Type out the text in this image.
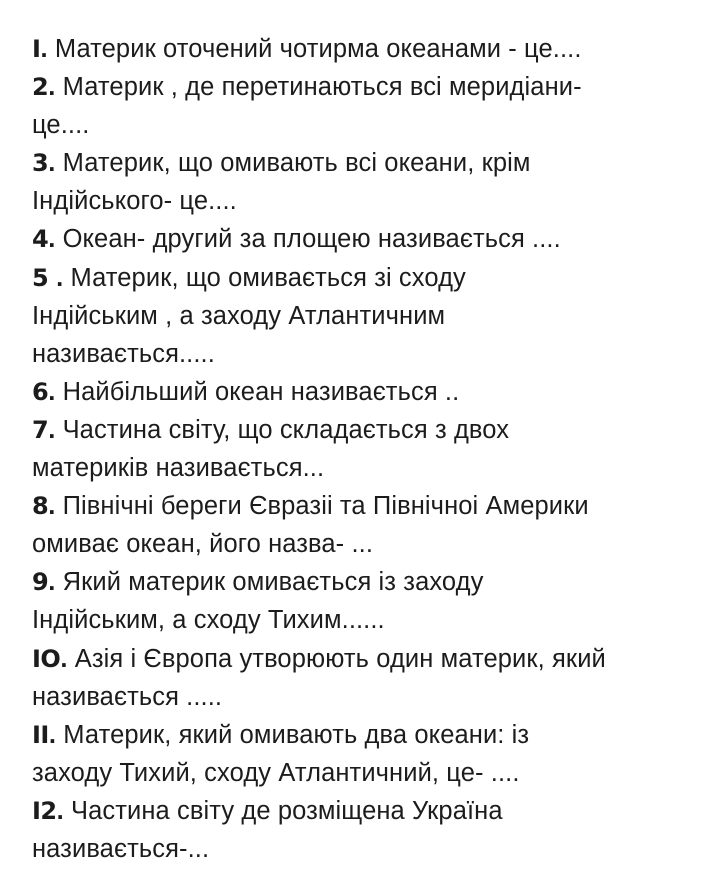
I. Материк оточений чотирма океанами - це....
2. Материк , де перетинаються всі меридіани-
це....
3. Материк, що омивають всі океани, крім
Індійського- це....
4. Океан- другий за площею називається ....
5 . Материк, що омивається зі сходу
Індійським , а заходу Атлантичним
називається.....
6. Найбільший океан називається ..
7. Частина світу, що складається з двох
материків називається...
8. Північні береги Євразіі та Північноі Америки
омиває океан, його назва- ...
9. Який материк омивається із заходу
Індійським, а сходу Тихим......
IO. Азія і Європа утворюють один материк, який
називається .....
II. Материк, який омивають два океани: із
заходу Тихий, сходу Атлантичний, це- ....
I2. Частина світу де розміщена Україна
називається-...
